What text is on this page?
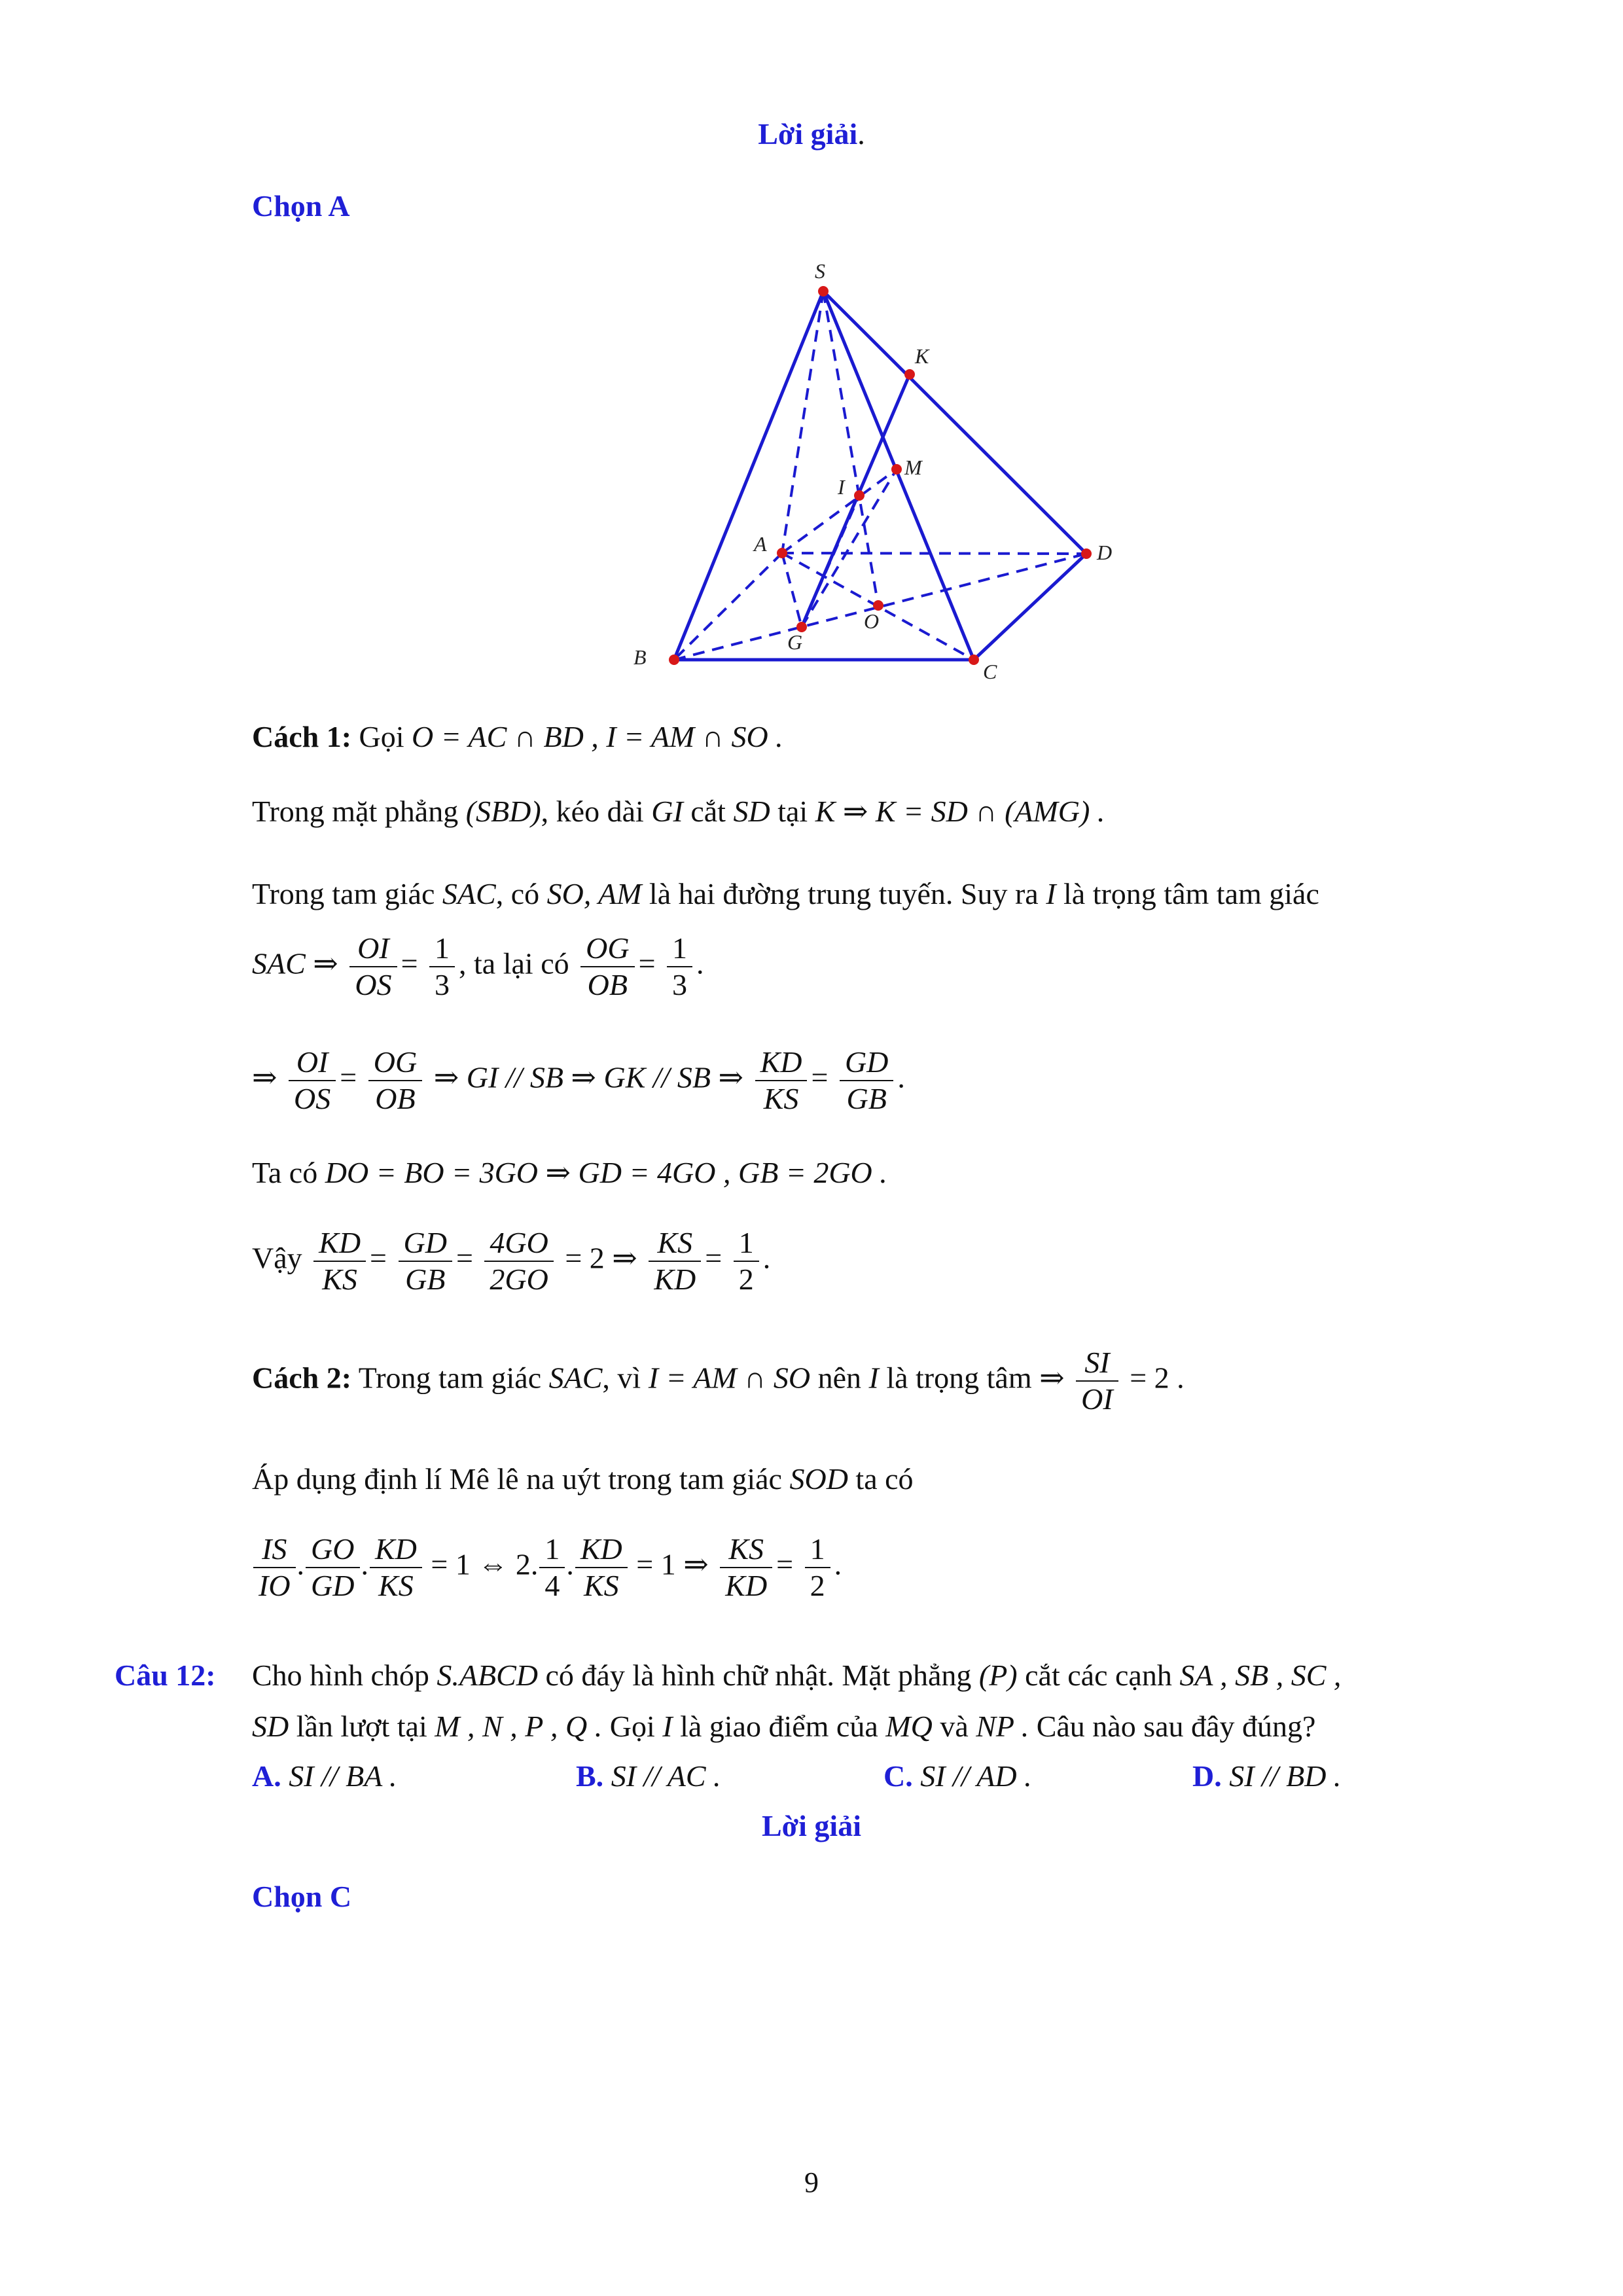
Lời giải.
Chọn A
S
K
M
I
A	D
O
G
B
C
Cách 1: Gọi O = AC ∩ BD , I = AM ∩ SO .
Trong mặt phẳng (SBD), kéo dài GI cắt SD tại K ⇒ K = SD ∩ (AMG) .
Trong tam giác SAC, có SO, AM là hai đường trung tuyến. Suy ra I là trọng tâm tam giác
SAC ⇒ $\frac{OI}{OS} = \frac{1}{3}$ , ta lại có $\frac{OG}{OB} = \frac{1}{3}$ .
⇒ $\frac{OI}{OS} = \frac{OG}{OB}$ ⇒ GI // SB ⇒ GK // SB ⇒ $\frac{KD}{KS} = \frac{GD}{GB}$ .
Ta có DO = BO = 3GO ⇒ GD = 4GO , GB = 2GO .
Vậy $\frac{KD}{KS} = \frac{GD}{GB} = \frac{4GO}{2GO} = 2$ ⇒ $\frac{KS}{KD} = \frac{1}{2}$ .
Cách 2: Trong tam giác SAC, vì I = AM ∩ SO nên I là trọng tâm ⇒ $\frac{SI}{OI} = 2$ .
Áp dụng định lí Mê lê na uýt trong tam giác SOD ta có
$\frac{IS}{IO}$ . $\frac{GO}{GD}$ . $\frac{KD}{KS} = 1$ ⇔ 2. $\frac{1}{4}$ . $\frac{KD}{KS} = 1$ ⇒ $\frac{KS}{KD} = \frac{1}{2}$ .
Câu 12: Cho hình chóp S.ABCD có đáy là hình chữ nhật. Mặt phẳng (P) cắt các cạnh SA , SB , SC ,
SD lần lượt tại M , N , P , Q . Gọi I là giao điểm của MQ và NP . Câu nào sau đây đúng?
A. SI // BA .	B. SI // AC .	C. SI // AD .	D. SI // BD .
Lời giải
Chọn C
9
